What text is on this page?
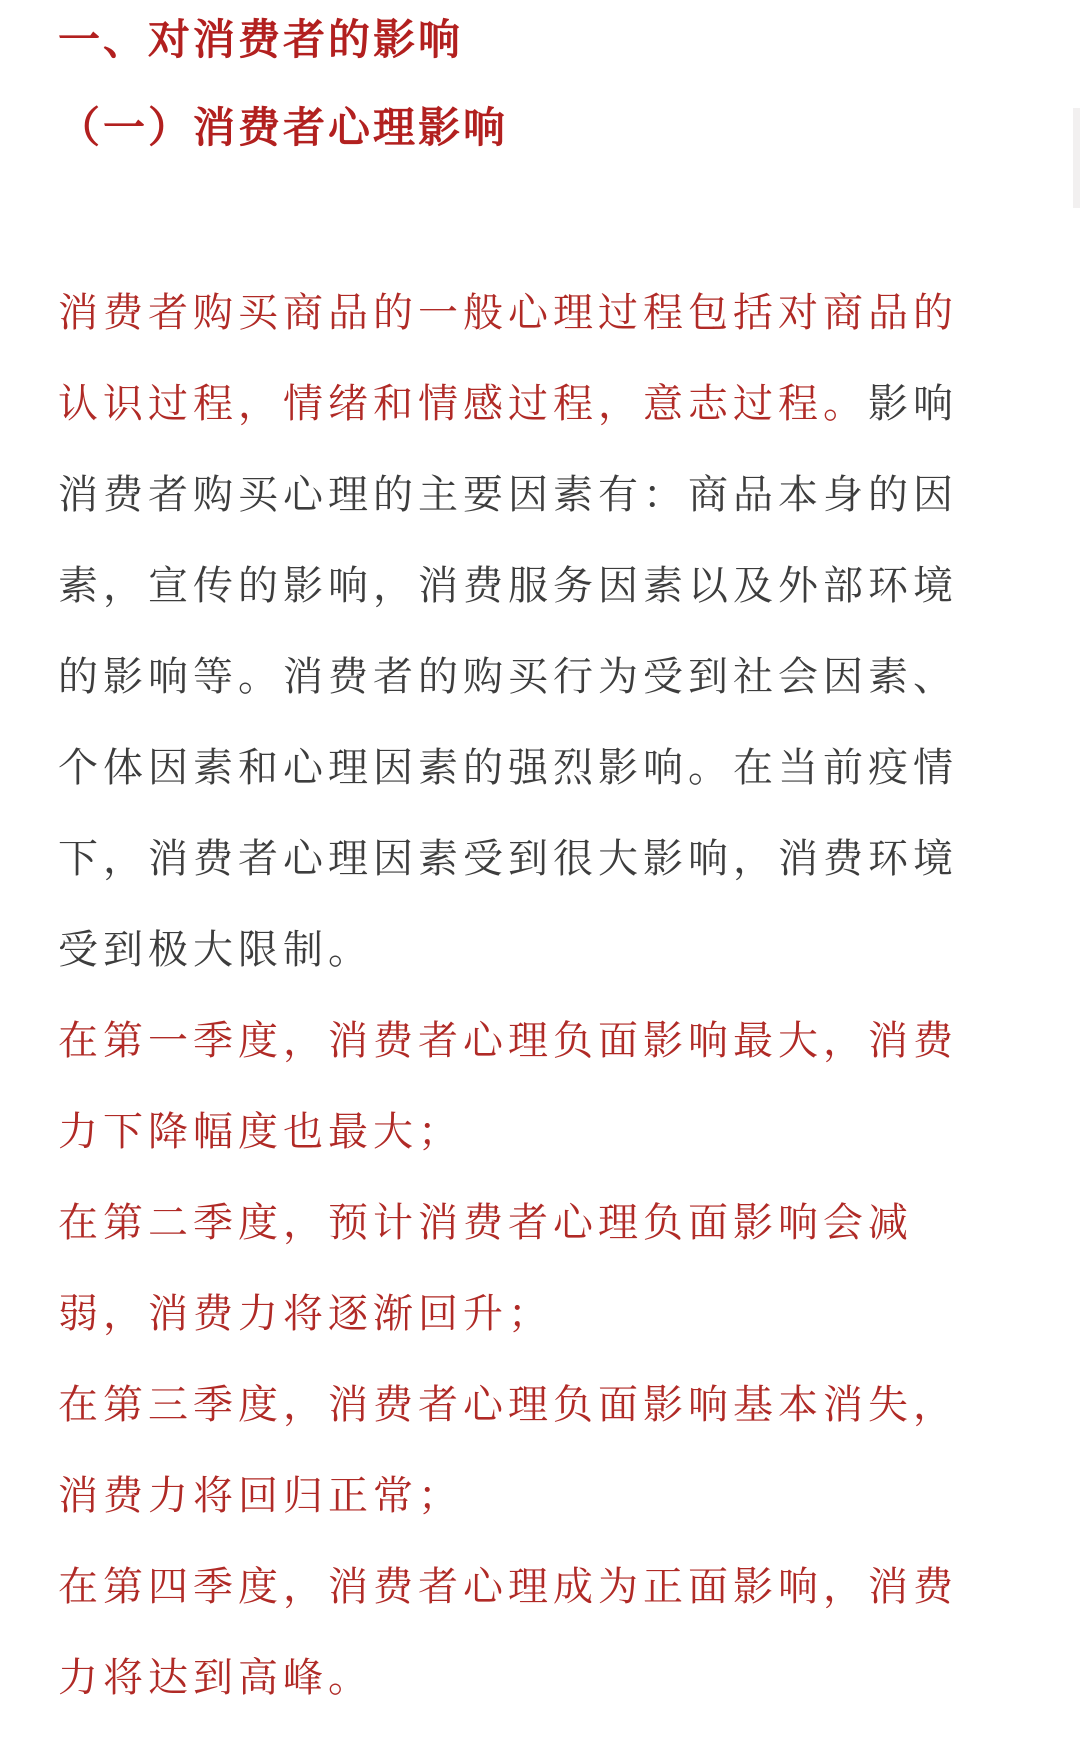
一、对消费者的影响
（一）消费者心理影响
消费者购买商品的一般心理过程包括对商品的
认识过程，情绪和情感过程，意志过程。影响
消费者购买心理的主要因素有：商品本身的因
素，宣传的影响，消费服务因素以及外部环境
的影响等。消费者的购买行为受到社会因素、
个体因素和心理因素的强烈影响。在当前疫情
下，消费者心理因素受到很大影响，消费环境
受到极大限制。
在第一季度，消费者心理负面影响最大，消费
力下降幅度也最大；
在第二季度，预计消费者心理负面影响会减
弱，消费力将逐渐回升；
在第三季度，消费者心理负面影响基本消失，
消费力将回归正常；
在第四季度，消费者心理成为正面影响，消费
力将达到高峰。
